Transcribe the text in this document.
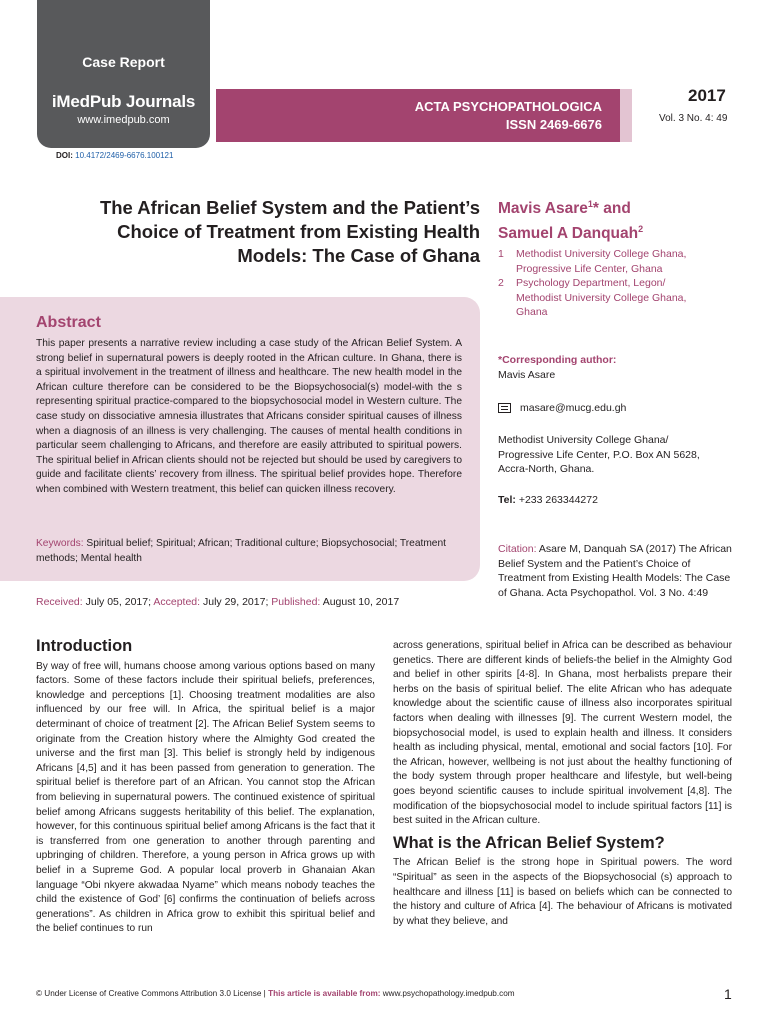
Case Report
iMedPub Journals
www.imedpub.com
DOI: 10.4172/2469-6676.100121
ACTA PSYCHOPATHOLOGICA
ISSN 2469-6676
2017
Vol. 3 No. 4: 49
The African Belief System and the Patient’s
Choice of Treatment from Existing Health
Models: The Case of Ghana
Mavis Asare$^1$* and
Samuel A Danquah$^2$
1	Methodist University College Ghana,
Progressive Life Center, Ghana
2	Psychology Department, Legon/
Methodist University College Ghana,
Ghana
Abstract
This paper presents a narrative review including a case study of the African Belief System. A strong belief in supernatural powers is deeply rooted in the African culture. In Ghana, there is a spiritual involvement in the treatment of illness and healthcare. The new health model in the African culture therefore can be considered to be the Biopsychosocial(s) model-with the s representing spiritual practice-compared to the biopsychosocial model in Western culture. The case study on dissociative amnesia illustrates that Africans consider spiritual causes of illness when a diagnosis of an illness is very challenging. The causes of mental health conditions in particular seem challenging to Africans, and therefore are easily attributed to spiritual powers. The spiritual belief in African clients should not be rejected but should be used by caregivers to guide and facilitate clients’ recovery from illness. The spiritual belief provides hope. Therefore when combined with Western treatment, this belief can quicken illness recovery.
Keywords: Spiritual belief; Spiritual; African; Traditional culture; Biopsychosocial; Treatment methods; Mental health
Received: July 05, 2017; Accepted: July 29, 2017; Published: August 10, 2017
*Corresponding author:
Mavis Asare
masare@mucg.edu.gh
Methodist University College Ghana/
Progressive Life Center, P.O. Box AN 5628,
Accra-North, Ghana.
Tel: +233 263344272
Citation: Asare M, Danquah SA (2017) The African Belief System and the Patient’s Choice of Treatment from Existing Health Models: The Case of Ghana. Acta Psychopathol. Vol. 3 No. 4:49
Introduction
By way of free will, humans choose among various options based on many factors. Some of these factors include their spiritual beliefs, preferences, knowledge and perceptions [1]. Choosing treatment modalities are also influenced by our free will. In Africa, the spiritual belief is a major determinant of choice of treatment [2]. The African Belief System seems to originate from the Creation history where the Almighty God created the universe and the first man [3]. This belief is strongly held by indigenous Africans [4,5] and it has been passed from generation to generation. The spiritual belief is therefore part of an African. You cannot stop the African from believing in supernatural powers. The continued existence of spiritual belief among Africans suggests heritability of this belief. The explanation, however, for this continuous spiritual belief among Africans is the fact that it is transferred from one generation to another through parenting and upbringing of children. Therefore, a young person in Africa grows up with belief in a Supreme God. A popular local proverb in Ghanaian Akan language “Obi nkyere akwadaa Nyame” which means nobody teaches the child the existence of God’ [6] confirms the continuation of beliefs across generations”. As children in Africa grow to exhibit this spiritual belief and the belief continues to run
across generations, spiritual belief in Africa can be described as behaviour genetics. There are different kinds of beliefs-the belief in the Almighty God and belief in other spirits [4-8]. In Ghana, most herbalists prepare their herbs on the basis of spiritual belief. The elite African who has adequate knowledge about the scientific cause of illness also incorporates spiritual factors when dealing with illnesses [9]. The current Western model, the biopsychosocial model, is used to explain health and illness. It considers health as including physical, mental, emotional and social factors [10]. For the African, however, wellbeing is not just about the healthy functioning of the body system through proper healthcare and lifestyle, but well-being goes beyond scientific causes to include spiritual involvement [4,8]. The modification of the biopsychosocial model to include spiritual factors [11] is best suited in the African culture.
What is the African Belief System?
The African Belief is the strong hope in Spiritual powers. The word “Spiritual” as seen in the aspects of the Biopsychosocial (s) approach to healthcare and illness [11] is based on beliefs which can be connected to the history and culture of Africa [4]. The behaviour of Africans is motivated by what they believe, and
© Under License of Creative Commons Attribution 3.0 License | This article is available from: www.psychopathology.imedpub.com	1
